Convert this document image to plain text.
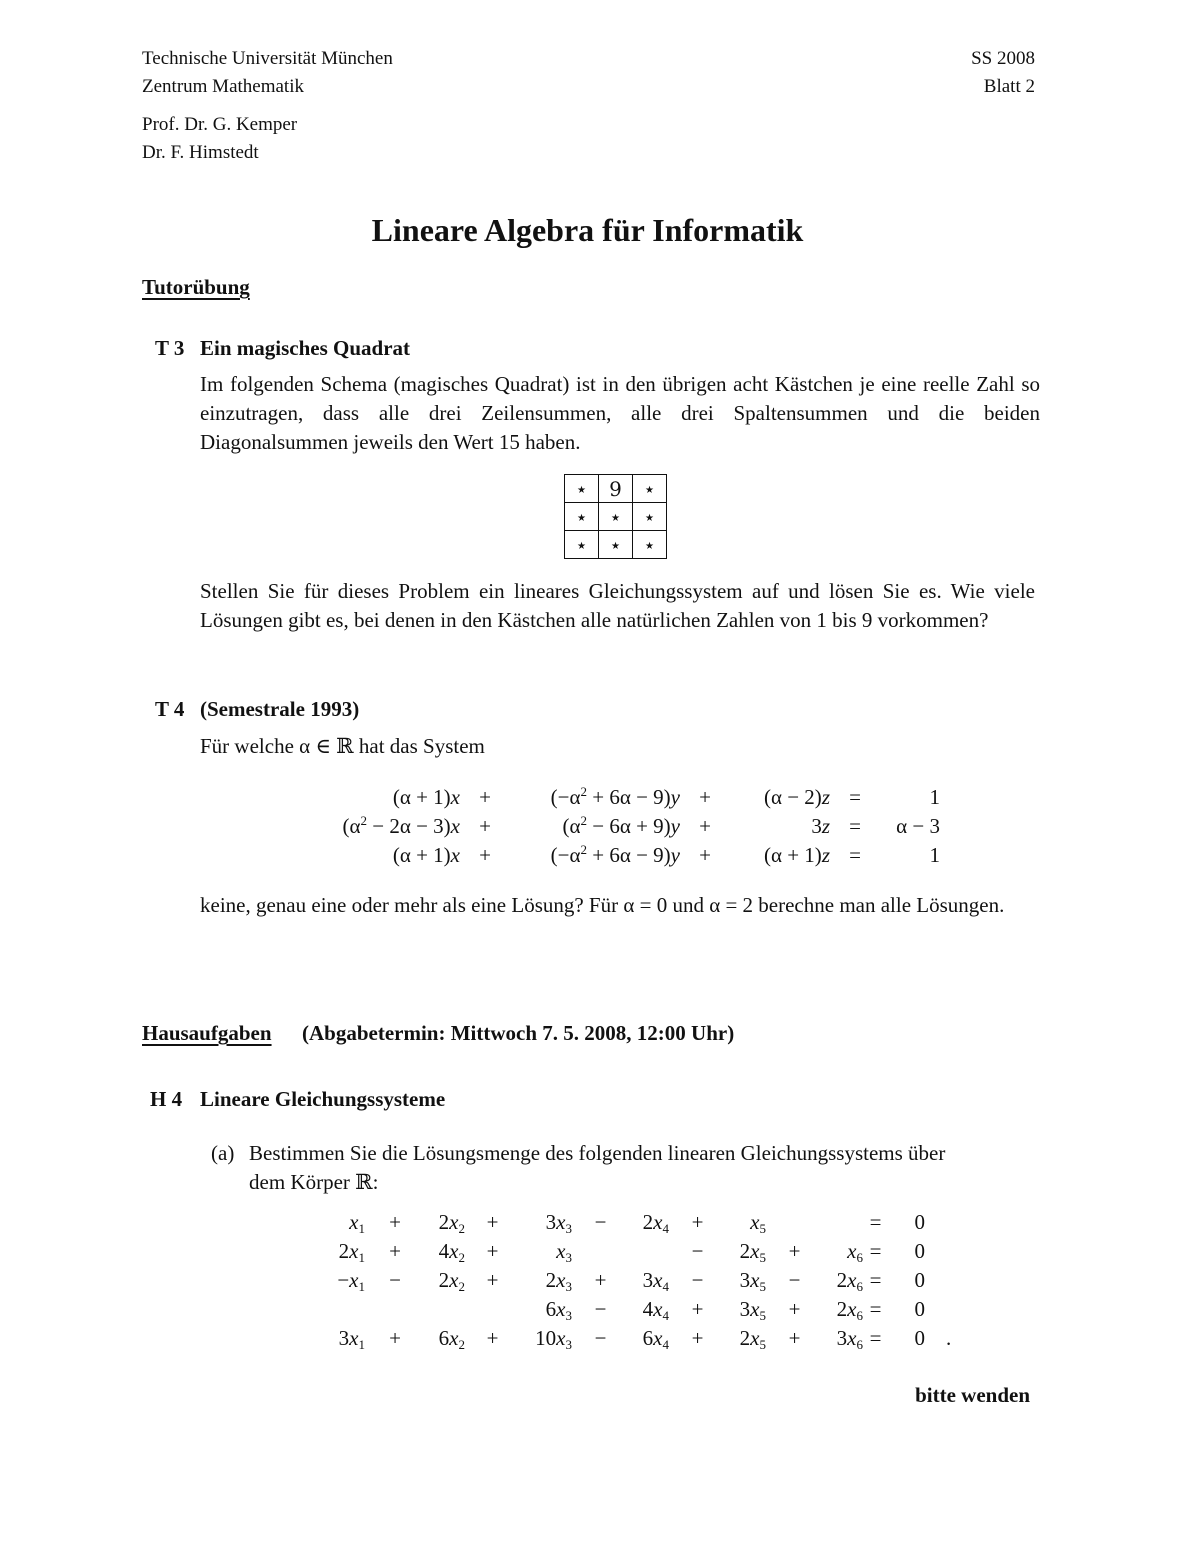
Technische Universität München
Zentrum Mathematik
SS 2008
Blatt 2
Prof. Dr. G. Kemper
Dr. F. Himstedt
Lineare Algebra für Informatik
Tutorübung
T 3 Ein magisches Quadrat
Im folgenden Schema (magisches Quadrat) ist in den übrigen acht Kästchen je eine reelle Zahl so einzutragen, dass alle drei Zeilensummen, alle drei Spaltensummen und die beiden Diagonalsummen jeweils den Wert 15 haben.
⋆	9	⋆
⋆	⋆	⋆
⋆	⋆	⋆
Stellen Sie für dieses Problem ein lineares Gleichungssystem auf und lösen Sie es. Wie viele Lösungen gibt es, bei denen in den Kästchen alle natürlichen Zahlen von 1 bis 9 vorkommen?
T 4 (Semestrale 1993)
Für welche α ∈ ℝ hat das System
(α + 1)x	+	$(-\alpha^2 + 6\alpha - 9)y$	+	(α − 2)z	=	1
$(\alpha^2 - 2\alpha - 3)x$	+	$(\alpha^2 - 6\alpha + 9)y$	+	3z	=	α − 3
(α + 1)x	+	$(-\alpha^2 + 6\alpha - 9)y$	+	(α + 1)z	=	1
keine, genau eine oder mehr als eine Lösung? Für α = 0 und α = 2 berechne man alle Lösungen.
Hausaufgaben (Abgabetermin: Mittwoch 7. 5. 2008, 12:00 Uhr)
H 4 Lineare Gleichungssysteme
(a) Bestimmen Sie die Lösungsmenge des folgenden linearen Gleichungssystems über
dem Körper ℝ:
$x_1$	+	$2x_2$	+	$3x_3$	−	$2x_4$	+	$x_5$			=	0	
$2x_1$	+	$4x_2$	+	$x_3$			−	$2x_5$	+	$x_6$	=	0	
$-x_1$	−	$2x_2$	+	$2x_3$	+	$3x_4$	−	$3x_5$	−	$2x_6$	=	0	
				$6x_3$	−	$4x_4$	+	$3x_5$	+	$2x_6$	=	0	
$3x_1$	+	$6x_2$	+	$10x_3$	−	$6x_4$	+	$2x_5$	+	$3x_6$	=	0	.
bitte wenden
